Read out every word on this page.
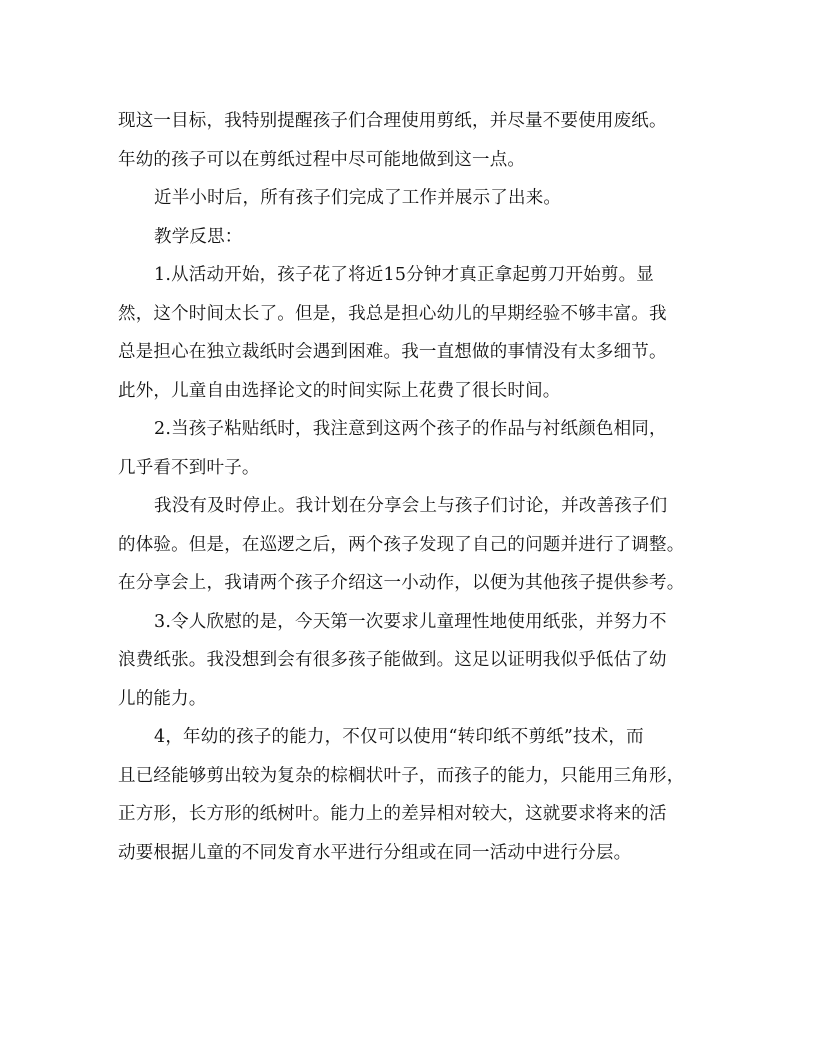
现这一目标，我特别提醒孩子们合理使用剪纸，并尽量不要使用废纸。
年幼的孩子可以在剪纸过程中尽可能地做到这一点。
近半小时后，所有孩子们完成了工作并展示了出来。
教学反思：
1.从活动开始，孩子花了将近15分钟才真正拿起剪刀开始剪。显
然，这个时间太长了。但是，我总是担心幼儿的早期经验不够丰富。我
总是担心在独立裁纸时会遇到困难。我一直想做的事情没有太多细节。
此外，儿童自由选择论文的时间实际上花费了很长时间。
2.当孩子粘贴纸时，我注意到这两个孩子的作品与衬纸颜色相同，
几乎看不到叶子。
我没有及时停止。我计划在分享会上与孩子们讨论，并改善孩子们
的体验。但是，在巡逻之后，两个孩子发现了自己的问题并进行了调整。
在分享会上，我请两个孩子介绍这一小动作，以便为其他孩子提供参考。
3.令人欣慰的是，今天第一次要求儿童理性地使用纸张，并努力不
浪费纸张。我没想到会有很多孩子能做到。这足以证明我似乎低估了幼
儿的能力。
4，年幼的孩子的能力，不仅可以使用“转印纸不剪纸”技术，而
且已经能够剪出较为复杂的棕榈状叶子，而孩子的能力，只能用三角形，
正方形，长方形的纸树叶。能力上的差异相对较大，这就要求将来的活
动要根据儿童的不同发育水平进行分组或在同一活动中进行分层。
